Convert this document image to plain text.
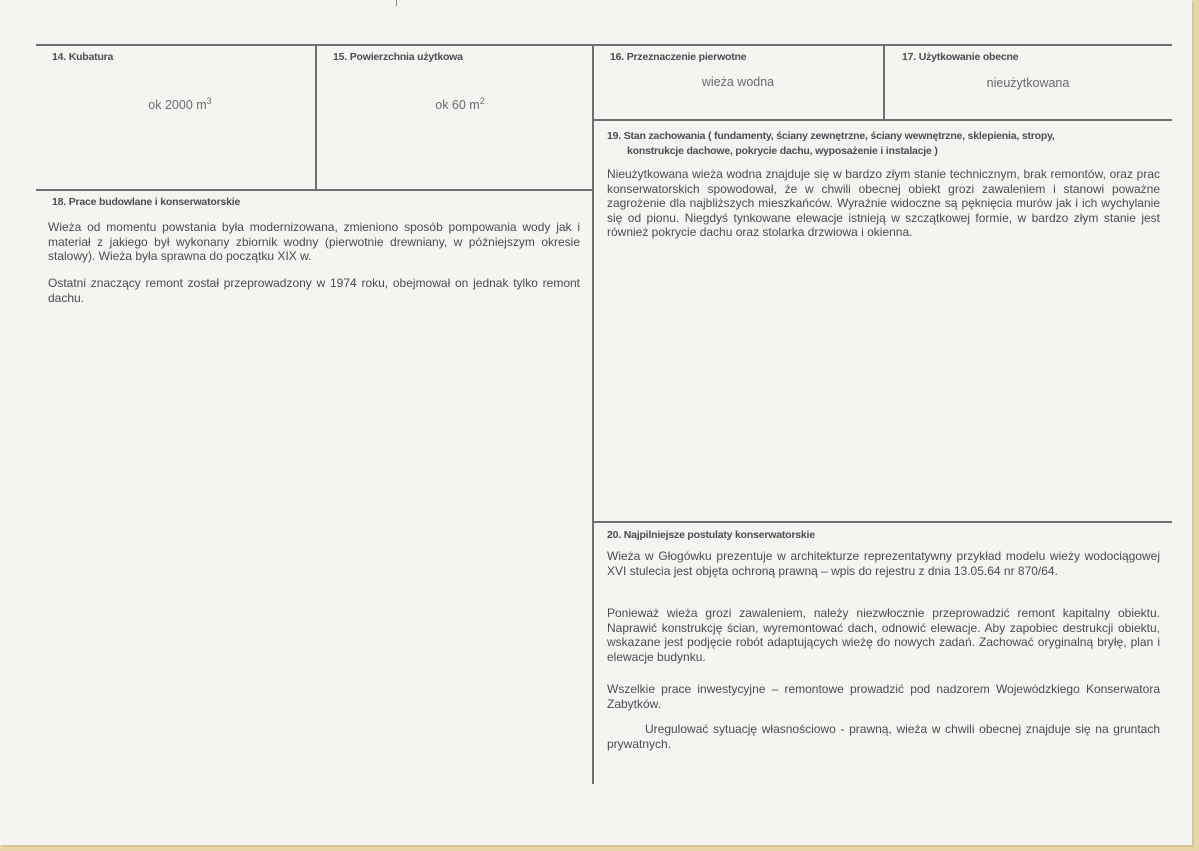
14. Kubatura
ok 2000 $m^3$
15. Powierzchnia użytkowa
ok 60 $m^2$
16. Przeznaczenie pierwotne
wieża wodna
17. Użytkowanie obecne
nieużytkowana
19. Stan zachowania ( fundamenty, ściany zewnętrzne, ściany wewnętrzne, sklepienia, stropy,
konstrukcje dachowe, pokrycie dachu, wyposażenie i instalacje )

Nieużytkowana wieża wodna znajduje się w bardzo złym stanie technicznym, brak remontów, oraz prac konserwatorskich spowodował, że w chwili obecnej obiekt grozi zawaleniem i stanowi poważne zagrożenie dla najbliższych mieszkańców. Wyraźnie widoczne są pęknięcia murów jak i ich wychylanie się od pionu. Niegdyś tynkowane elewacje istnieją w szczątkowej formie, w bardzo złym stanie jest również pokrycie dachu oraz stolarka drzwiowa i okienna.

18. Prace budowlane i konserwatorskie

Wieża od momentu powstania była modernizowana, zmieniono sposób pompowania wody jak i materiał z jakiego był wykonany zbiornik wodny (pierwotnie drewniany, w późniejszym okresie stalowy). Wieża była sprawna do początku XIX w.

Ostatni znaczący remont został przeprowadzony w 1974 roku, obejmował on jednak tylko remont dachu.

20. Najpilniejsze postulaty konserwatorskie

Wieża w Głogówku prezentuje w architekturze reprezentatywny przykład modelu wieży wodociągowej XVI stulecia jest objęta ochroną prawną – wpis do rejestru z dnia 13.05.64 nr 870/64.

Ponieważ wieża grozi zawaleniem, należy niezwłocznie przeprowadzić remont kapitalny obiektu. Naprawić konstrukcję ścian, wyremontować dach, odnowić elewacje. Aby zapobiec destrukcji obiektu, wskazane jest podjęcie robót adaptujących wieżę do nowych zadań. Zachować oryginalną bryłę, plan i elewacje budynku.

Wszelkie prace inwestycyjne – remontowe prowadzić pod nadzorem Wojewódzkiego Konserwatora Zabytków.

Uregulować sytuację własnościowo - prawną, wieża w chwili obecnej znajduje się na gruntach prywatnych.
